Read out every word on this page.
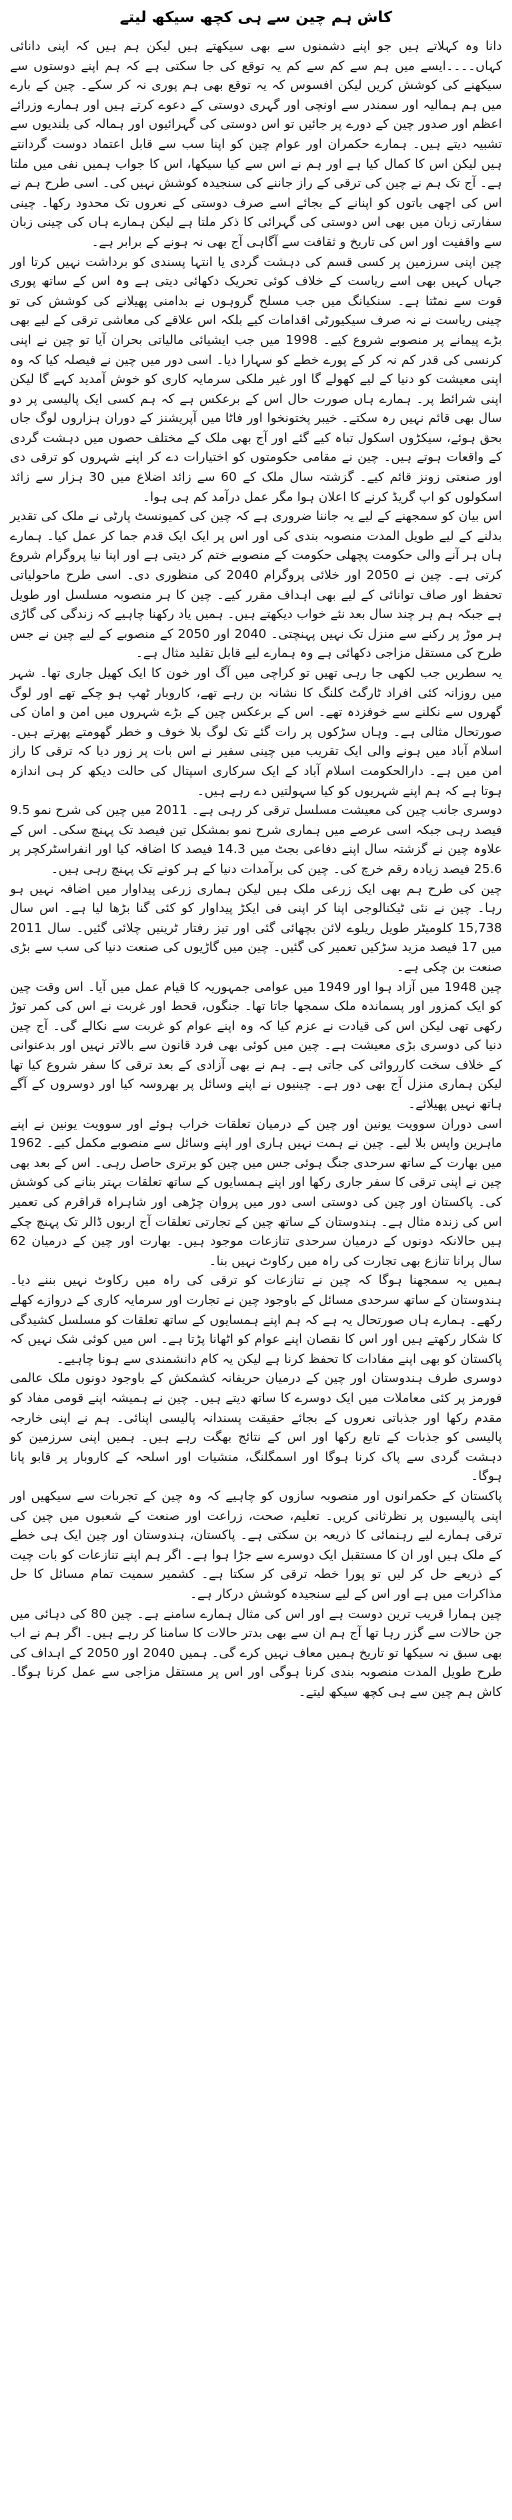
کاش ہم چین سے ہی کچھ سیکھ لیتے

دانا وہ کہلاتے ہیں جو اپنے دشمنوں سے بھی سیکھتے ہیں لیکن ہم ہیں کہ اپنی دانائی کہاں۔۔۔۔ایسے میں ہم سے کم سے کم یہ توقع کی جا سکتی ہے کہ ہم اپنے دوستوں سے سیکھنے کی کوشش کریں لیکن افسوس کہ یہ توقع بھی ہم پوری نہ کر سکے۔ چین کے بارے میں ہم ہمالیہ اور سمندر سے اونچی اور گہری دوستی کے دعوے کرتے ہیں اور ہمارے وزرائے اعظم اور صدور چین کے دورے پر جائیں تو اس دوستی کی گہرائیوں اور ہمالہ کی بلندیوں سے تشبیہ دیتے ہیں۔ ہمارے حکمران اور عوام چین کو اپنا سب سے قابل اعتماد دوست گردانتے ہیں لیکن اس کا کمال کیا ہے اور ہم نے اس سے کیا سیکھا، اس کا جواب ہمیں نفی میں ملتا ہے۔ آج تک ہم نے چین کی ترقی کے راز جاننے کی سنجیدہ کوشش نہیں کی۔ اسی طرح ہم نے اس کی اچھی باتوں کو اپنانے کے بجائے اسے صرف دوستی کے نعروں تک محدود رکھا۔ چینی سفارتی زبان میں بھی اس دوستی کی گہرائی کا ذکر ملتا ہے لیکن ہمارے ہاں کی چینی زبان سے واقفیت اور اس کی تاریخ و ثقافت سے آگاہی آج بھی نہ ہونے کے برابر ہے۔

چین اپنی سرزمین پر کسی قسم کی دہشت گردی یا انتہا پسندی کو برداشت نہیں کرتا اور جہاں کہیں بھی اسے ریاست کے خلاف کوئی تحریک دکھائی دیتی ہے وہ اس کے ساتھ پوری قوت سے نمٹتا ہے۔ سنکیانگ میں جب مسلح گروہوں نے بدامنی پھیلانے کی کوشش کی تو چینی ریاست نے نہ صرف سیکیورٹی اقدامات کیے بلکہ اس علاقے کی معاشی ترقی کے لیے بھی بڑے پیمانے پر منصوبے شروع کیے۔ 1998 میں جب ایشیائی مالیاتی بحران آیا تو چین نے اپنی کرنسی کی قدر کم نہ کر کے پورے خطے کو سہارا دیا۔ اسی دور میں چین نے فیصلہ کیا کہ وہ اپنی معیشت کو دنیا کے لیے کھولے گا اور غیر ملکی سرمایہ کاری کو خوش آمدید کہے گا لیکن اپنی شرائط پر۔ ہمارے ہاں صورت حال اس کے برعکس ہے کہ ہم کسی ایک پالیسی پر دو سال بھی قائم نہیں رہ سکتے۔ خیبر پختونخوا اور فاٹا میں آپریشنز کے دوران ہزاروں لوگ جاں بحق ہوئے، سیکڑوں اسکول تباہ کیے گئے اور آج بھی ملک کے مختلف حصوں میں دہشت گردی کے واقعات ہوتے ہیں۔ چین نے مقامی حکومتوں کو اختیارات دے کر اپنے شہروں کو ترقی دی اور صنعتی زونز قائم کیے۔ گزشتہ سال ملک کے 60 سے زائد اضلاع میں 30 ہزار سے زائد اسکولوں کو اپ گریڈ کرنے کا اعلان ہوا مگر عمل درآمد کم ہی ہوا۔

اس بیان کو سمجھنے کے لیے یہ جاننا ضروری ہے کہ چین کی کمیونسٹ پارٹی نے ملک کی تقدیر بدلنے کے لیے طویل المدت منصوبہ بندی کی اور اس پر ایک ایک قدم جما کر عمل کیا۔ ہمارے ہاں ہر آنے والی حکومت پچھلی حکومت کے منصوبے ختم کر دیتی ہے اور اپنا نیا پروگرام شروع کرتی ہے۔ چین نے 2050 اور خلائی پروگرام 2040 کی منظوری دی۔ اسی طرح ماحولیاتی تحفظ اور صاف توانائی کے لیے بھی اہداف مقرر کیے۔ چین کا ہر منصوبہ مسلسل اور طویل ہے جبکہ ہم ہر چند سال بعد نئے خواب دیکھتے ہیں۔ ہمیں یاد رکھنا چاہیے کہ زندگی کی گاڑی ہر موڑ پر رکنے سے منزل تک نہیں پہنچتی۔ 2040 اور 2050 کے منصوبے کے لیے چین نے جس طرح کی مستقل مزاجی دکھائی ہے وہ ہمارے لیے قابل تقلید مثال ہے۔

یہ سطریں جب لکھی جا رہی تھیں تو کراچی میں آگ اور خون کا ایک کھیل جاری تھا۔ شہر میں روزانہ کئی افراد ٹارگٹ کلنگ کا نشانہ بن رہے تھے، کاروبار ٹھپ ہو چکے تھے اور لوگ گھروں سے نکلنے سے خوفزدہ تھے۔ اس کے برعکس چین کے بڑے شہروں میں امن و امان کی صورتحال مثالی ہے۔ وہاں سڑکوں پر رات گئے تک لوگ بلا خوف و خطر گھومتے پھرتے ہیں۔ اسلام آباد میں ہونے والی ایک تقریب میں چینی سفیر نے اس بات پر زور دیا کہ ترقی کا راز امن میں ہے۔ دارالحکومت اسلام آباد کے ایک سرکاری اسپتال کی حالت دیکھ کر ہی اندازہ ہوتا ہے کہ ہم اپنے شہریوں کو کیا سہولتیں دے رہے ہیں۔

دوسری جانب چین کی معیشت مسلسل ترقی کر رہی ہے۔ 2011 میں چین کی شرح نمو 9.5 فیصد رہی جبکہ اسی عرصے میں ہماری شرح نمو بمشکل تین فیصد تک پہنچ سکی۔ اس کے علاوہ چین نے گزشتہ سال اپنے دفاعی بجٹ میں 14.3 فیصد کا اضافہ کیا اور انفراسٹرکچر پر 25.6 فیصد زیادہ رقم خرچ کی۔ چین کی برآمدات دنیا کے ہر کونے تک پہنچ رہی ہیں۔

چین کی طرح ہم بھی ایک زرعی ملک ہیں لیکن ہماری زرعی پیداوار میں اضافہ نہیں ہو رہا۔ چین نے نئی ٹیکنالوجی اپنا کر اپنی فی ایکڑ پیداوار کو کئی گنا بڑھا لیا ہے۔ اس سال 15,738 کلومیٹر طویل ریلوے لائن بچھائی گئی اور تیز رفتار ٹرینیں چلائی گئیں۔ سال 2011 میں 17 فیصد مزید سڑکیں تعمیر کی گئیں۔ چین میں گاڑیوں کی صنعت دنیا کی سب سے بڑی صنعت بن چکی ہے۔

چین 1948 میں آزاد ہوا اور 1949 میں عوامی جمہوریہ کا قیام عمل میں آیا۔ اس وقت چین کو ایک کمزور اور پسماندہ ملک سمجھا جاتا تھا۔ جنگوں، قحط اور غربت نے اس کی کمر توڑ رکھی تھی لیکن اس کی قیادت نے عزم کیا کہ وہ اپنے عوام کو غربت سے نکالے گی۔ آج چین دنیا کی دوسری بڑی معیشت ہے۔ چین میں کوئی بھی فرد قانون سے بالاتر نہیں اور بدعنوانی کے خلاف سخت کارروائی کی جاتی ہے۔ ہم نے بھی آزادی کے بعد ترقی کا سفر شروع کیا تھا لیکن ہماری منزل آج بھی دور ہے۔ چینیوں نے اپنے وسائل پر بھروسہ کیا اور دوسروں کے آگے ہاتھ نہیں پھیلائے۔

اسی دوران سوویت یونین اور چین کے درمیان تعلقات خراب ہوئے اور سوویت یونین نے اپنے ماہرین واپس بلا لیے۔ چین نے ہمت نہیں ہاری اور اپنے وسائل سے منصوبے مکمل کیے۔ 1962 میں بھارت کے ساتھ سرحدی جنگ ہوئی جس میں چین کو برتری حاصل رہی۔ اس کے بعد بھی چین نے اپنی ترقی کا سفر جاری رکھا اور اپنے ہمسایوں کے ساتھ تعلقات بہتر بنانے کی کوشش کی۔ پاکستان اور چین کی دوستی اسی دور میں پروان چڑھی اور شاہراہ قراقرم کی تعمیر اس کی زندہ مثال ہے۔ ہندوستان کے ساتھ چین کے تجارتی تعلقات آج اربوں ڈالر تک پہنچ چکے ہیں حالانکہ دونوں کے درمیان سرحدی تنازعات موجود ہیں۔ بھارت اور چین کے درمیان 62 سال پرانا تنازع بھی تجارت کی راہ میں رکاوٹ نہیں بنا۔

ہمیں یہ سمجھنا ہوگا کہ چین نے تنازعات کو ترقی کی راہ میں رکاوٹ نہیں بننے دیا۔ ہندوستان کے ساتھ سرحدی مسائل کے باوجود چین نے تجارت اور سرمایہ کاری کے دروازے کھلے رکھے۔ ہمارے ہاں صورتحال یہ ہے کہ ہم اپنے ہمسایوں کے ساتھ تعلقات کو مسلسل کشیدگی کا شکار رکھتے ہیں اور اس کا نقصان اپنے عوام کو اٹھانا پڑتا ہے۔ اس میں کوئی شک نہیں کہ پاکستان کو بھی اپنے مفادات کا تحفظ کرنا ہے لیکن یہ کام دانشمندی سے ہونا چاہیے۔

دوسری طرف ہندوستان اور چین کے درمیان حریفانہ کشمکش کے باوجود دونوں ملک عالمی فورمز پر کئی معاملات میں ایک دوسرے کا ساتھ دیتے ہیں۔ چین نے ہمیشہ اپنے قومی مفاد کو مقدم رکھا اور جذباتی نعروں کے بجائے حقیقت پسندانہ پالیسی اپنائی۔ ہم نے اپنی خارجہ پالیسی کو جذبات کے تابع رکھا اور اس کے نتائج بھگت رہے ہیں۔ ہمیں اپنی سرزمین کو دہشت گردی سے پاک کرنا ہوگا اور اسمگلنگ، منشیات اور اسلحہ کے کاروبار پر قابو پانا ہوگا۔

پاکستان کے حکمرانوں اور منصوبہ سازوں کو چاہیے کہ وہ چین کے تجربات سے سیکھیں اور اپنی پالیسیوں پر نظرثانی کریں۔ تعلیم، صحت، زراعت اور صنعت کے شعبوں میں چین کی ترقی ہمارے لیے رہنمائی کا ذریعہ بن سکتی ہے۔ پاکستان، ہندوستان اور چین ایک ہی خطے کے ملک ہیں اور ان کا مستقبل ایک دوسرے سے جڑا ہوا ہے۔ اگر ہم اپنے تنازعات کو بات چیت کے ذریعے حل کر لیں تو پورا خطہ ترقی کر سکتا ہے۔ کشمیر سمیت تمام مسائل کا حل مذاکرات میں ہے اور اس کے لیے سنجیدہ کوشش درکار ہے۔

چین ہمارا قریب ترین دوست ہے اور اس کی مثال ہمارے سامنے ہے۔ چین 80 کی دہائی میں جن حالات سے گزر رہا تھا آج ہم ان سے بھی بدتر حالات کا سامنا کر رہے ہیں۔ اگر ہم نے اب بھی سبق نہ سیکھا تو تاریخ ہمیں معاف نہیں کرے گی۔ ہمیں 2040 اور 2050 کے اہداف کی طرح طویل المدت منصوبہ بندی کرنا ہوگی اور اس پر مستقل مزاجی سے عمل کرنا ہوگا۔ کاش ہم چین سے ہی کچھ سیکھ لیتے۔
